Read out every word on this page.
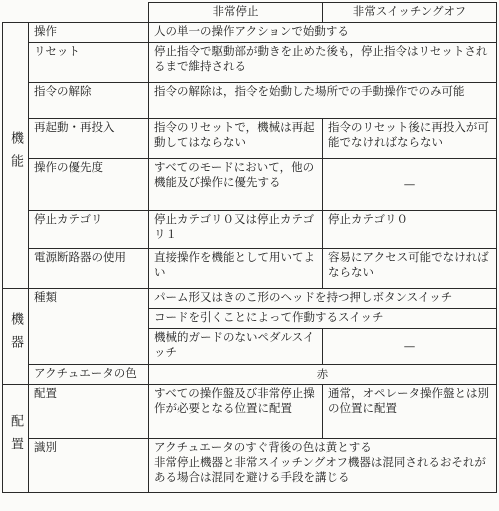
		非常停止	非常スイッチングオフ
機能	操作	人の単一の操作アクションで始動する	
	リセット	停止指令で駆動部が動きを止めた後も，停止指令はリセットされるまで維持される	
	指令の解除	指令の解除は，指令を始動した場所での手動操作でのみ可能	
	再起動・再投入	指令のリセットで，機械は再起動してはならない	指令のリセット後に再投入が可能でなければならない
	操作の優先度	すべてのモードにおいて，他の機能及び操作に優先する	—
	停止カテゴリ	停止カテゴリ０又は停止カテゴリ１	停止カテゴリ０
	電源断路器の使用	直接操作を機能として用いてよい	容易にアクセス可能でなければならない
機器	種類	パーム形又はきのこ形のヘッドを持つ押しボタンスイッチ	
		コードを引くことによって作動するスイッチ	
		機械的ガードのないペダルスイッチ	—
	アクチュエータの色	赤	
配置	配置	すべての操作盤及び非常停止操作が必要となる位置に配置	通常，オペレータ操作盤とは別の位置に配置
	識別	アクチュエータのすぐ背後の色は黄とする
非常停止機器と非常スイッチングオフ機器は混同されるおそれがある場合は混同を避ける手段を講じる	
